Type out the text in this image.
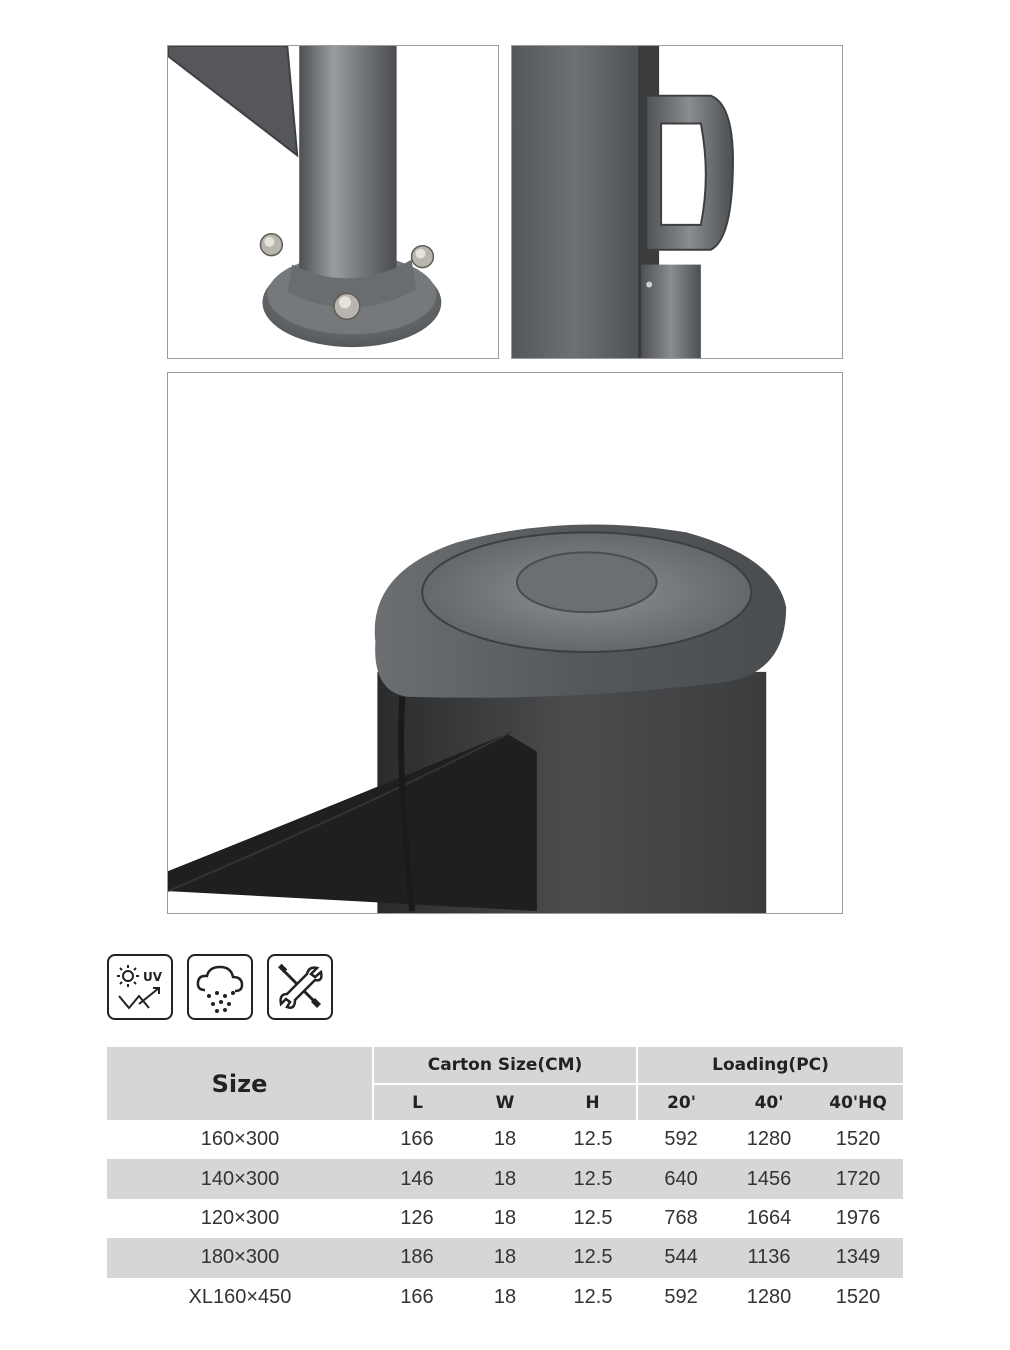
UV
Size	Carton Size(CM)			Loading(PC)		
	L	W	H	20'	40'	40'HQ
160×300	166	18	12.5	592	1280	1520
140×300	146	18	12.5	640	1456	1720
120×300	126	18	12.5	768	1664	1976
180×300	186	18	12.5	544	1136	1349
XL160×450	166	18	12.5	592	1280	1520
